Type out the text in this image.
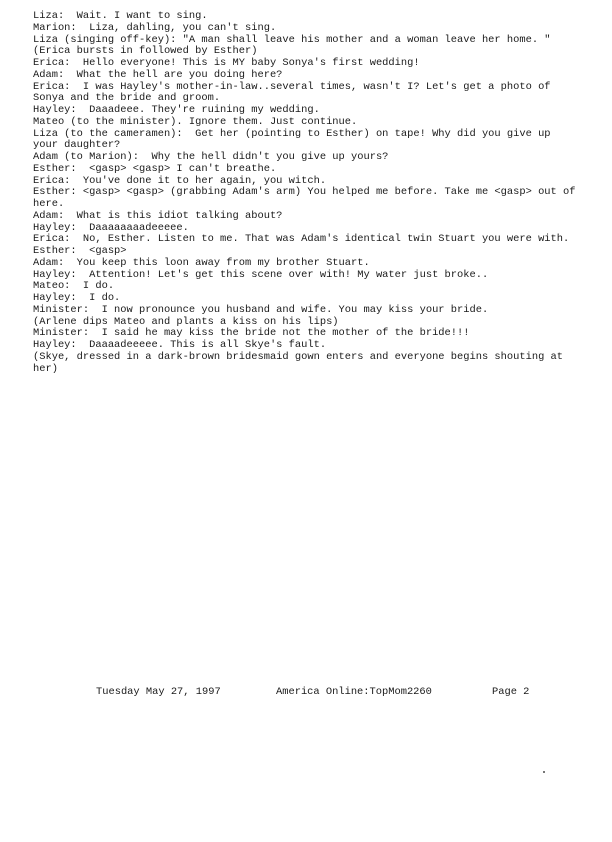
Liza:  Wait. I want to sing.
Marion:  Liza, dahling, you can't sing.
Liza (singing off-key): "A man shall leave his mother and a woman leave her home. "
(Erica bursts in followed by Esther)
Erica:  Hello everyone! This is MY baby Sonya's first wedding!
Adam:  What the hell are you doing here?
Erica:  I was Hayley's mother-in-law..several times, wasn't I? Let's get a photo of Sonya and the bride and groom.
Hayley:  Daaadeee. They're ruining my wedding.
Mateo (to the minister). Ignore them. Just continue.
Liza (to the cameramen):  Get her (pointing to Esther) on tape! Why did you give up your daughter?
Adam (to Marion):  Why the hell didn't you give up yours?
Esther:  <gasp> <gasp> I can't breathe.
Erica:  You've done it to her again, you witch.
Esther: <gasp> <gasp> (grabbing Adam's arm) You helped me before. Take me <gasp> out of here.
Adam:  What is this idiot talking about?
Hayley:  Daaaaaaaadeeeee.
Erica:  No, Esther. Listen to me. That was Adam's identical twin Stuart you were with.
Esther:  <gasp>
Adam:  You keep this loon away from my brother Stuart.
Hayley:  Attention! Let's get this scene over with! My water just broke..
Mateo:  I do.
Hayley:  I do.
Minister:  I now pronounce you husband and wife. You may kiss your bride.
(Arlene dips Mateo and plants a kiss on his lips)
Minister:  I said he may kiss the bride not the mother of the bride!!!
Hayley:  Daaaadeeeee. This is all Skye's fault.
(Skye, dressed in a dark-brown bridesmaid gown enters and everyone begins shouting at her)
Tuesday May 27, 1997	America Online:TopMom2260	Page 2
